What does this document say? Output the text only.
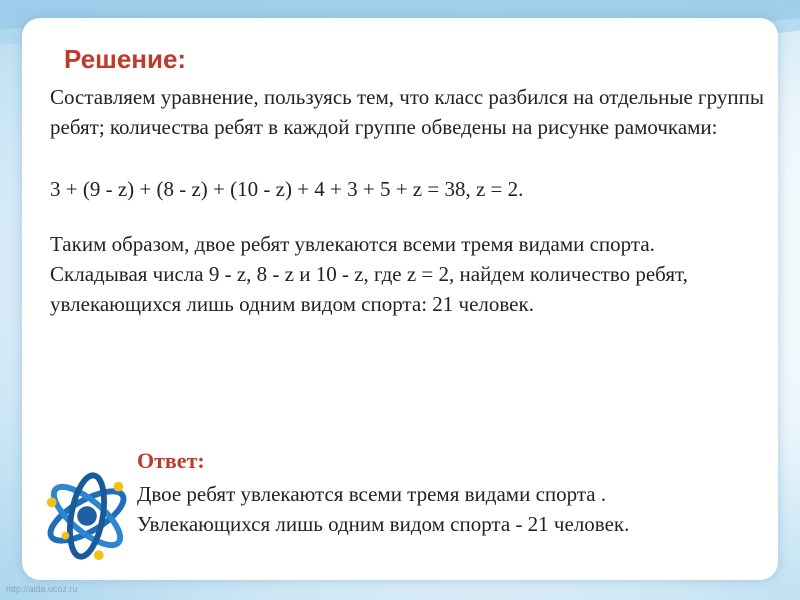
Решение:

Составляем уравнение, пользуясь тем, что класс разбился на отдельные группы ребят; количества ребят в каждой группе обведены на рисунке рамочками:

3 + (9 - z) + (8 - z) + (10 - z) + 4 + 3 + 5 + z = 38, z = 2.

Таким образом, двое ребят увлекаются всеми тремя видами спорта.
Складывая числа 9 - z, 8 - z и 10 - z, где z = 2, найдем количество ребят, увлекающихся лишь одним видом спорта: 21 человек.
Ответ:
Двое ребят увлекаются всеми тремя видами спорта .
Увлекающихся лишь одним видом спорта - 21 человек.
http://aida.ucoz.ru
